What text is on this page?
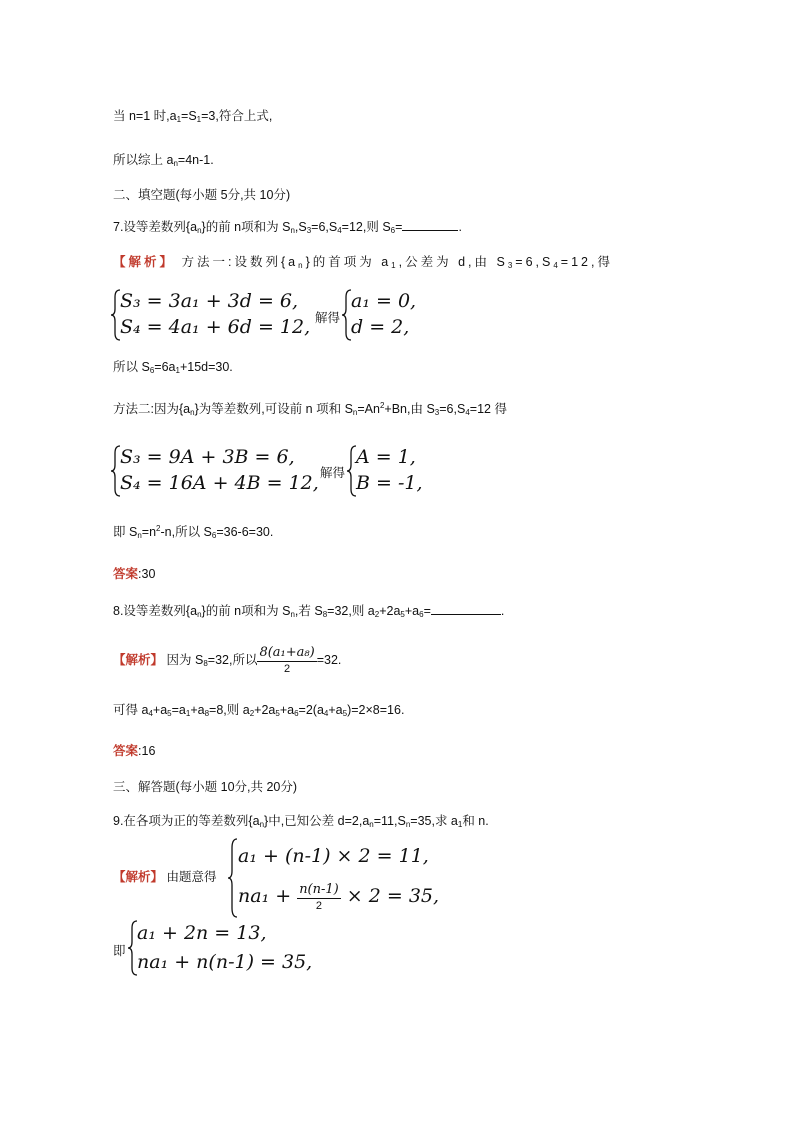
当 n=1 时$,a_1=S_1=3$,符合上式,
所以综上 $a_n=4n-1$.
二、填空题(每小题 5分,共 10分)
7.设等差数列$\{a_n\}$的前 n项和为 $S_n,S_3=6,S_4=12$,则 $S_6=$	.
【解析】 方法一:设数列$\{a_n\}$的首项为 $a_1$,公差为 d,由 $S_3=6,S_4=12$,得
S₃ = 3a₁ + 3d = 6,
S₄ = 4a₁ + 6d = 12, 解得
a₁ = 0,
d = 2,
所以 $S_6=6a_1+15d=30$.
方法二:因为$\{a_n\}$为等差数列,可设前 n 项和 $S_n=An^2+Bn$,由 $S_3=6,S_4=12$ 得
S₃ = 9A + 3B = 6,
S₄ = 16A + 4B = 12, 解得
A = 1,
B = -1,
即 $S_n=n^2-n$,所以 $S_6=36-6=30$.
答案:30
8.设等差数列$\{a_n\}$的前 n项和为 $S_n$,若 $S_8=32$,则 $a_2+2a_5+a_6=$	.
【解析】 因为 $S_8=32$,所以 $\frac{\text{8(a₁+a₈)}}{2} =32$.
可得 $a_4+a_5=a_1+a_8=8$,则 $a_2+2a_5+a_6=2(a_4+a_5)=2\times 8=16$.
答案:16
三、解答题(每小题 10分,共 20分)
9.在各项为正的等差数列$\{a_n\}$中,已知公差 $d=2,a_n=11,S_n=35$,求 $a_1$和 n.
【解析】 由题意得
a₁ + (n-1) × 2 = 11,
$na_1 + \frac{n(n-1)}{2} \times 2 = 35$,
即
a₁ + 2n = 13,
na₁ + n(n-1) = 35,
